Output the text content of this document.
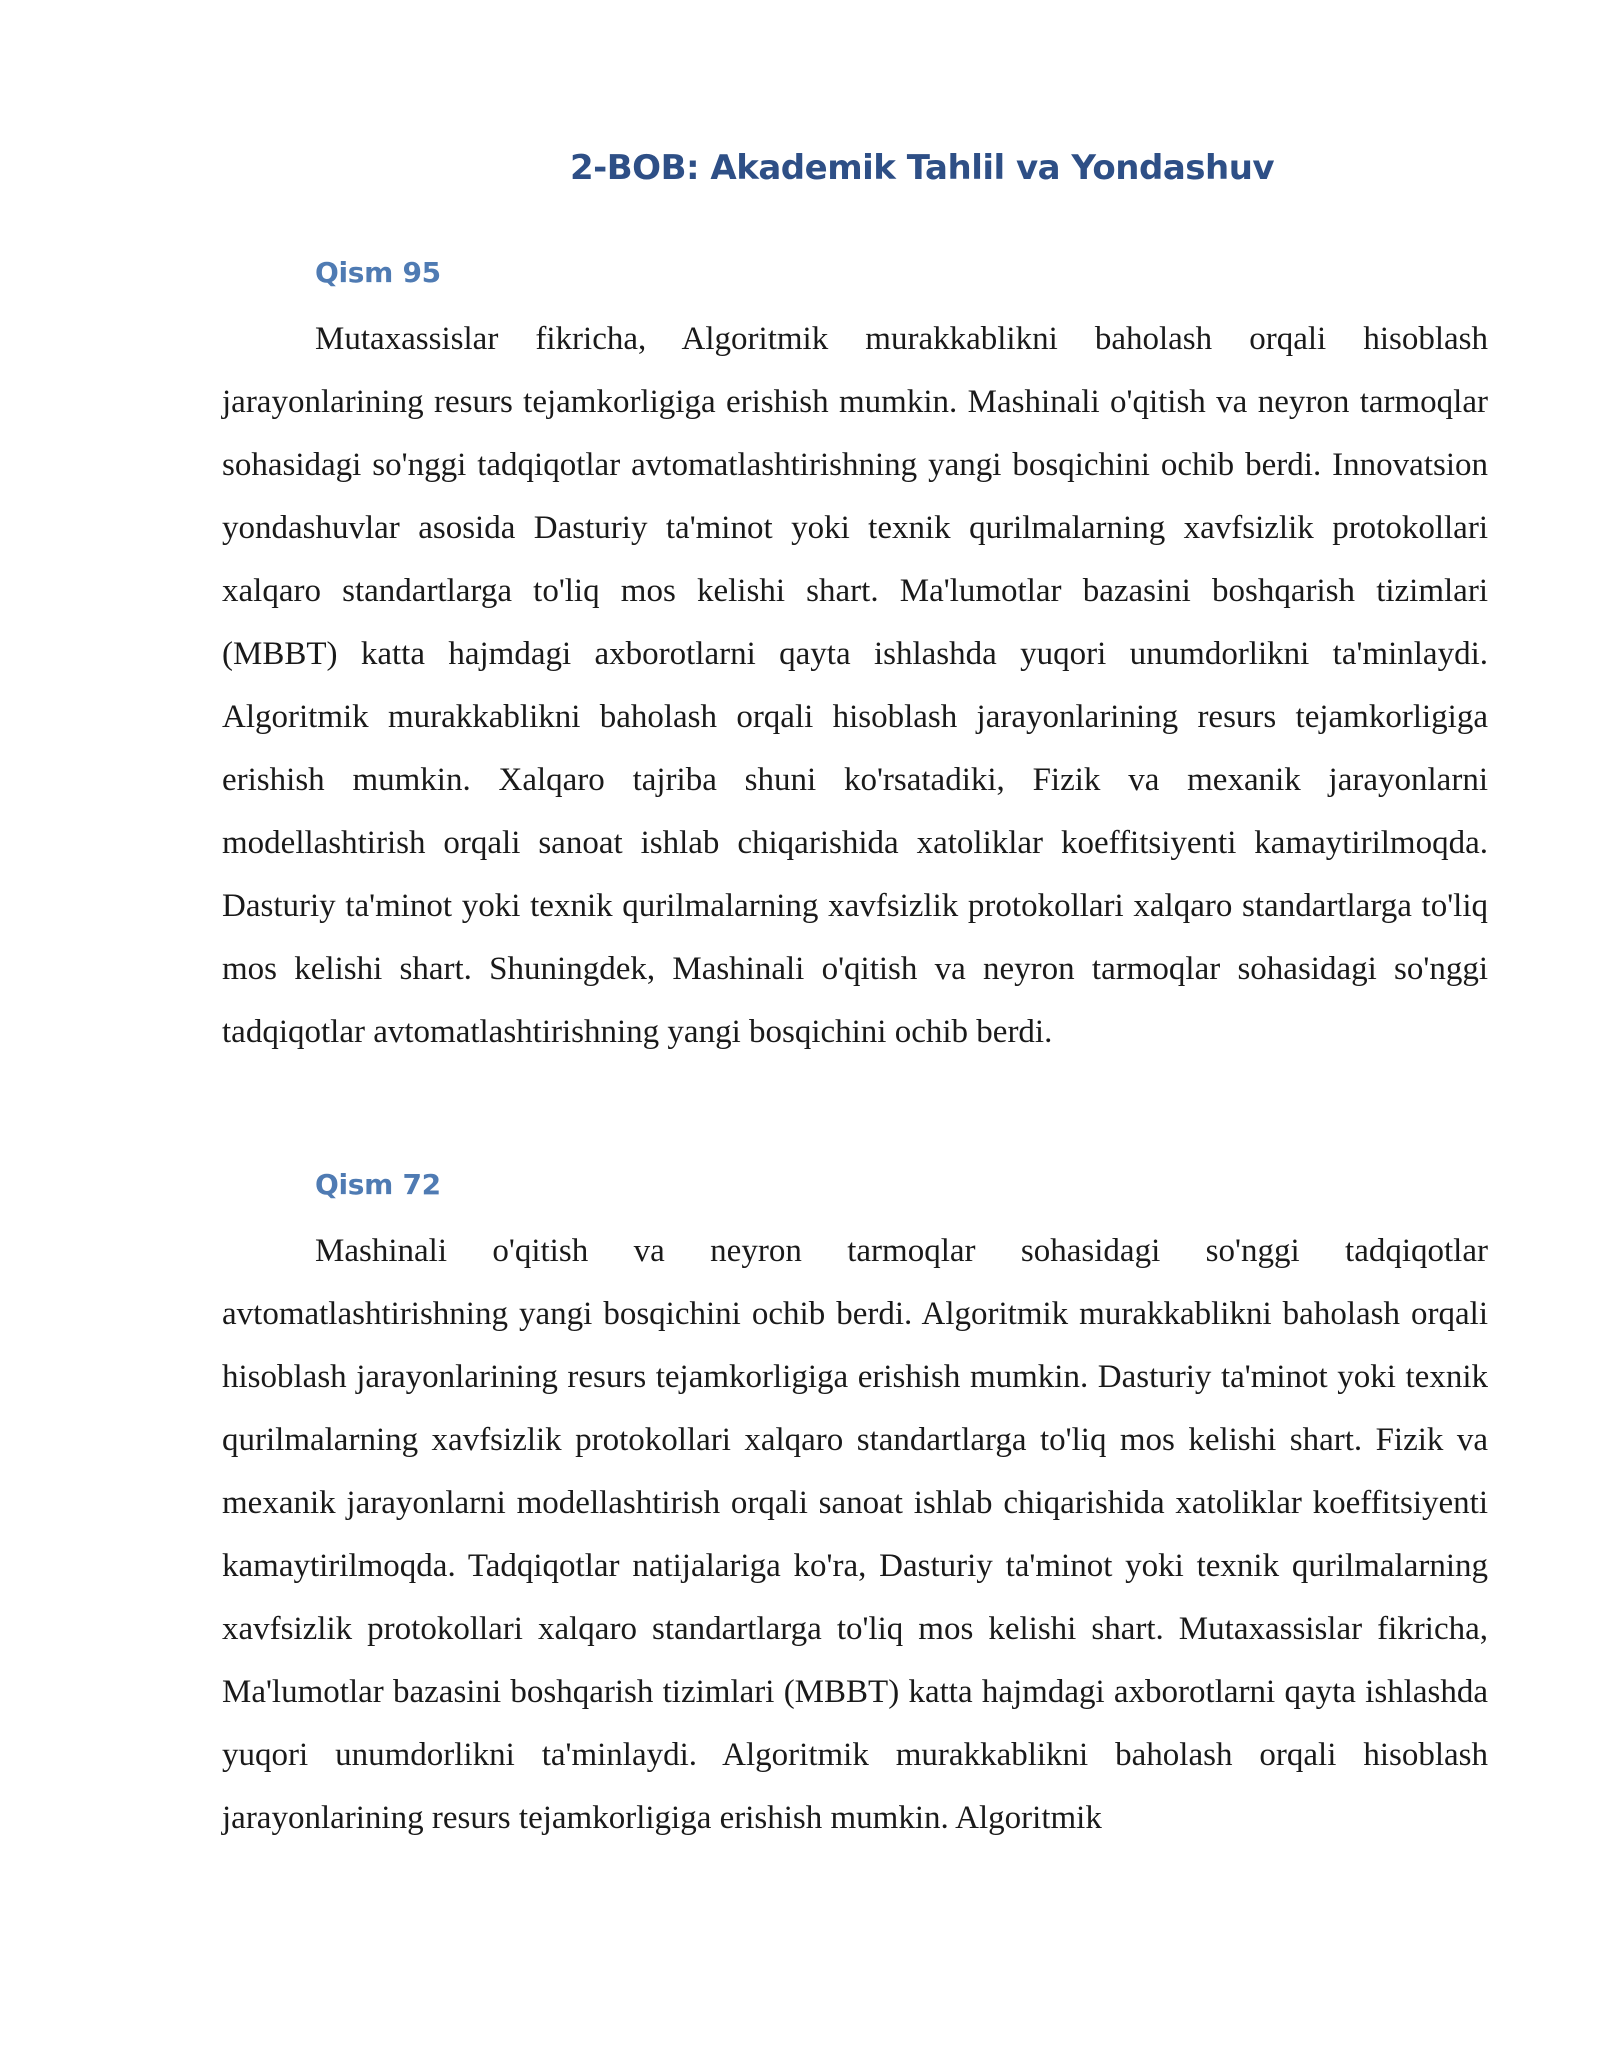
2-BOB: Akademik Tahlil va Yondashuv
Qism 95

Mutaxassislar fikricha, Algoritmik murakkablikni baholash orqali hisoblash jarayonlarining resurs tejamkorligiga erishish mumkin. Mashinali o'qitish va neyron tarmoqlar sohasidagi so'nggi tadqiqotlar avtomatlashtirishning yangi bosqichini ochib berdi. Innovatsion yondashuvlar asosida Dasturiy ta'minot yoki texnik qurilmalarning xavfsizlik protokollari xalqaro standartlarga to'liq mos kelishi shart. Ma'lumotlar bazasini boshqarish tizimlari (MBBT) katta hajmdagi axborotlarni qayta ishlashda yuqori unumdorlikni ta'minlaydi. Algoritmik murakkablikni baholash orqali hisoblash jarayonlarining resurs tejamkorligiga erishish mumkin. Xalqaro tajriba shuni ko'rsatadiki, Fizik va mexanik jarayonlarni modellashtirish orqali sanoat ishlab chiqarishida xatoliklar koeffitsiyenti kamaytirilmoqda. Dasturiy ta'minot yoki texnik qurilmalarning xavfsizlik protokollari xalqaro standartlarga to'liq mos kelishi shart. Shuningdek, Mashinali o'qitish va neyron tarmoqlar sohasidagi so'nggi tadqiqotlar avtomatlashtirishning yangi bosqichini ochib berdi.

Qism 72

Mashinali o'qitish va neyron tarmoqlar sohasidagi so'nggi tadqiqotlar avtomatlashtirishning yangi bosqichini ochib berdi. Algoritmik murakkablikni baholash orqali hisoblash jarayonlarining resurs tejamkorligiga erishish mumkin. Dasturiy ta'minot yoki texnik qurilmalarning xavfsizlik protokollari xalqaro standartlarga to'liq mos kelishi shart. Fizik va mexanik jarayonlarni modellashtirish orqali sanoat ishlab chiqarishida xatoliklar koeffitsiyenti kamaytirilmoqda. Tadqiqotlar natijalariga ko'ra, Dasturiy ta'minot yoki texnik qurilmalarning xavfsizlik protokollari xalqaro standartlarga to'liq mos kelishi shart. Mutaxassislar fikricha, Ma'lumotlar bazasini boshqarish tizimlari (MBBT) katta hajmdagi axborotlarni qayta ishlashda yuqori unumdorlikni ta'minlaydi. Algoritmik murakkablikni baholash orqali hisoblash jarayonlarining resurs tejamkorligiga erishish mumkin. Algoritmik
